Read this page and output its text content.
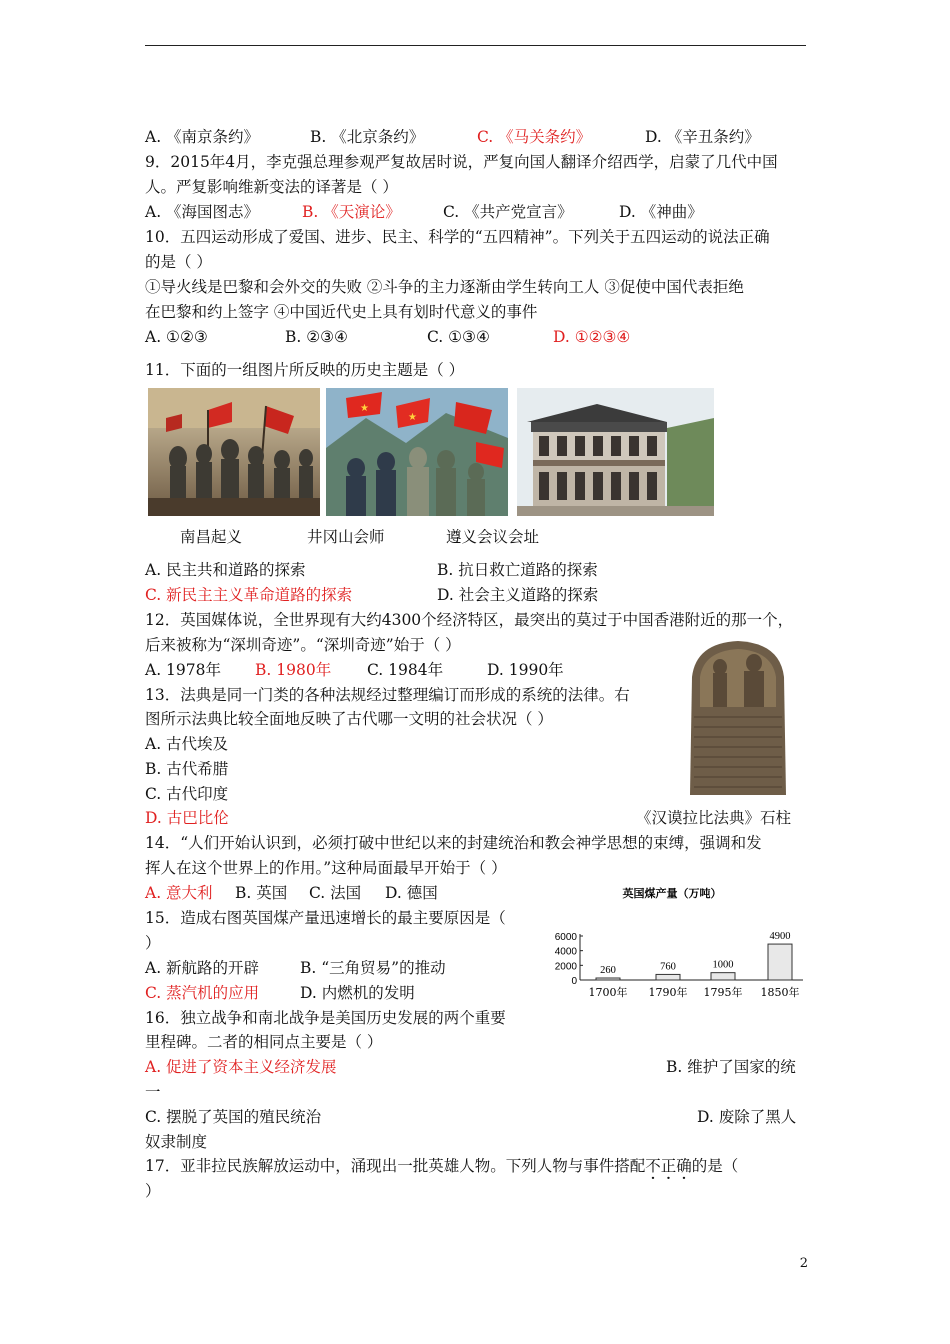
A. 《南京条约》	B. 《北京条约》	C. 《马关条约》	D. 《辛丑条约》
9．2015年4月，李克强总理参观严复故居时说，严复向国人翻译介绍西学，启蒙了几代中国
人。严复影响维新变法的译著是（ ）
A. 《海国图志》	B. 《天演论》	C. 《共产党宣言》	D. 《神曲》
10．五四运动形成了爱国、进步、民主、科学的“五四精神”。下列关于五四运动的说法正确
的是（ ）
①导火线是巴黎和会外交的失败 ②斗争的主力逐渐由学生转向工人 ③促使中国代表拒绝
在巴黎和约上签字 ④中国近代史上具有划时代意义的事件
A. ①②③	B. ②③④	C. ①③④	D. ①②③④
11．下面的一组图片所反映的历史主题是（ ）
★
★
南昌起义	井冈山会师	遵义会议会址
A. 民主共和道路的探索	B. 抗日救亡道路的探索
C. 新民主主义革命道路的探索	D. 社会主义道路的探索
12．英国媒体说，全世界现有大约4300个经济特区，最突出的莫过于中国香港附近的那一个，
后来被称为“深圳奇迹”。“深圳奇迹”始于（ ）
A. 1978年 B. 1980年 C. 1984年	D. 1990年
13．法典是同一门类的各种法规经过整理编订而形成的系统的法律。右
图所示法典比较全面地反映了古代哪一文明的社会状况（ ）
A. 古代埃及
B. 古代希腊
C. 古代印度
D. 古巴比伦	《汉谟拉比法典》石柱
14．“人们开始认识到，必须打破中世纪以来的封建统治和教会神学思想的束缚，强调和发
挥人在这个世界上的作用。”这种局面最早开始于（ ）
A. 意大利 B. 英国 C. 法国 D. 德国	英国煤产量（万吨）
6000
4000
2000
0
260
1700年
760
1790年
1000
1795年
4900
1850年
15．造成右图英国煤产量迅速增长的最主要原因是（
）
A. 新航路的开辟	B. “三角贸易”的推动
C. 蒸汽机的应用	D. 内燃机的发明
16．独立战争和南北战争是美国历史发展的两个重要
里程碑。二者的相同点主要是（ ）
A. 促进了资本主义经济发展	B. 维护了国家的统
一
C. 摆脱了英国的殖民统治	D. 废除了黑人
奴隶制度
17．亚非拉民族解放运动中，涌现出一批英雄人物。下列人物与事件搭配不正确的是（
）
2
